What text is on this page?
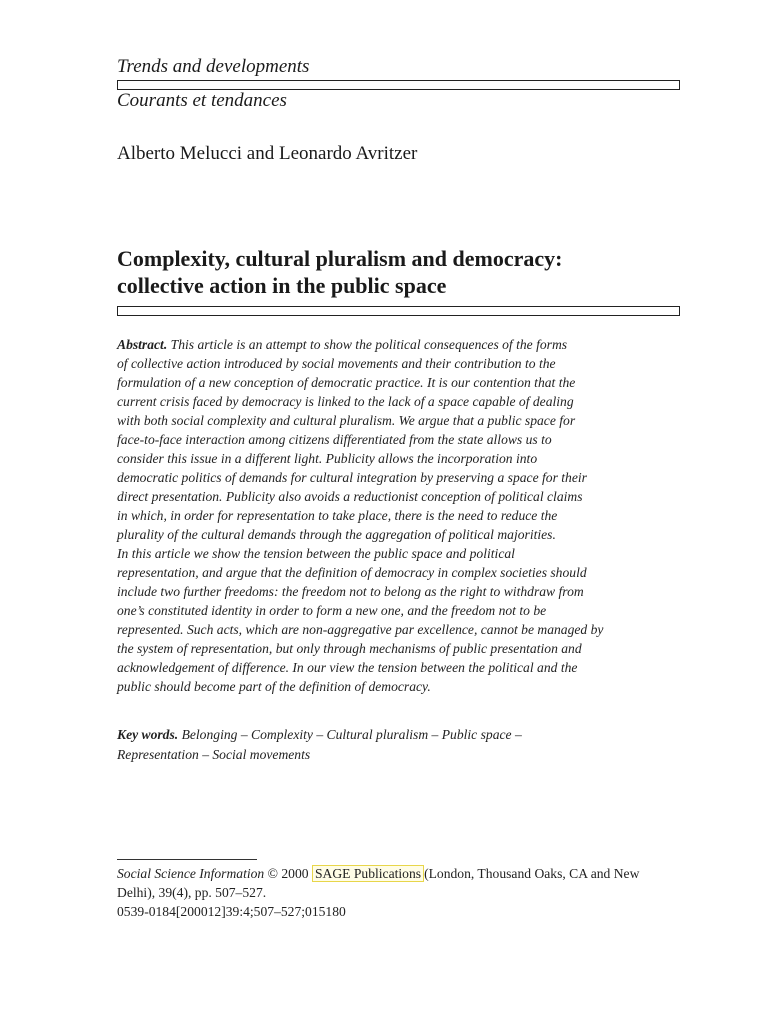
Trends and developments
Courants et tendances
Alberto Melucci and Leonardo Avritzer
Complexity, cultural pluralism and democracy:
collective action in the public space
Abstract. This article is an attempt to show the political consequences of the forms
of collective action introduced by social movements and their contribution to the
formulation of a new conception of democratic practice. It is our contention that the
current crisis faced by democracy is linked to the lack of a space capable of dealing
with both social complexity and cultural pluralism. We argue that a public space for
face-to-face interaction among citizens differentiated from the state allows us to
consider this issue in a different light. Publicity allows the incorporation into
democratic politics of demands for cultural integration by preserving a space for their
direct presentation. Publicity also avoids a reductionist conception of political claims
in which, in order for representation to take place, there is the need to reduce the
plurality of the cultural demands through the aggregation of political majorities.
In this article we show the tension between the public space and political
representation, and argue that the definition of democracy in complex societies should
include two further freedoms: the freedom not to belong as the right to withdraw from
one’s constituted identity in order to form a new one, and the freedom not to be
represented. Such acts, which are non-aggregative par excellence, cannot be managed by
the system of representation, but only through mechanisms of public presentation and
acknowledgement of difference. In our view the tension between the political and the
public should become part of the definition of democracy.
Key words. Belonging – Complexity – Cultural pluralism – Public space –
Representation – Social movements
Social Science Information © 2000 SAGE Publications (London, Thousand Oaks, CA and New
Delhi), 39(4), pp. 507–527.
0539-0184[200012]39:4;507–527;015180
